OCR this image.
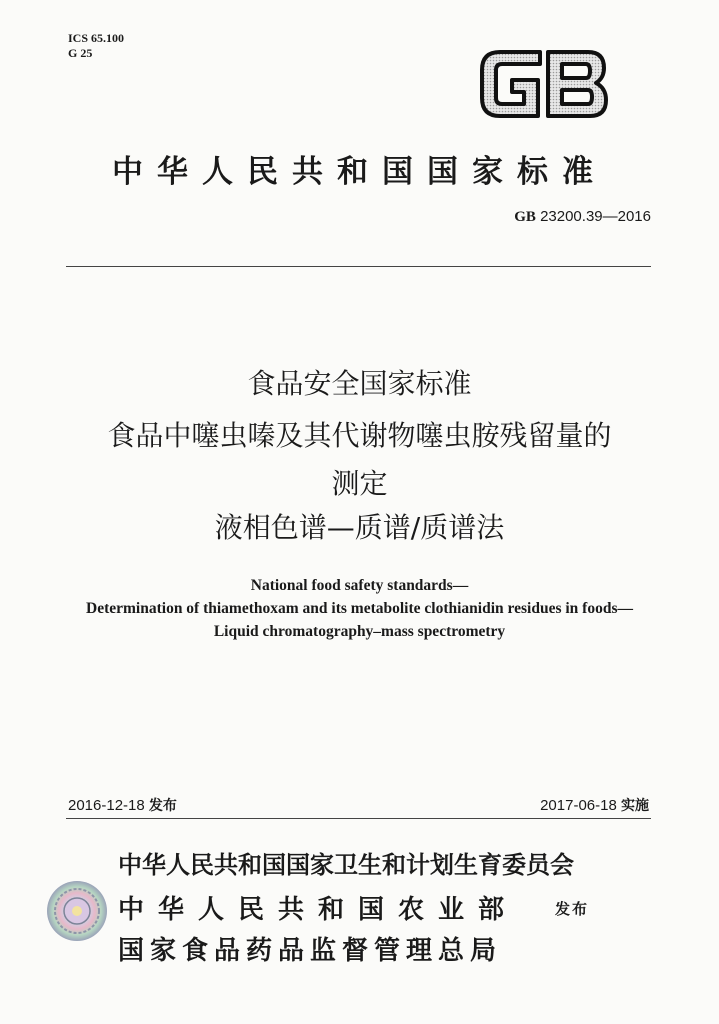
ICS 65.100
G 25
中华人民共和国国家标准
GB 23200.39—2016
食品安全国家标准
食品中噻虫嗪及其代谢物噻虫胺残留量的
测定
液相色谱—质谱/质谱法
National food safety standards—
Determination of thiamethoxam and its metabolite clothianidin residues in foods—
Liquid chromatography–mass spectrometry
2016-12-18 发布	2017-06-18 实施
中华人民共和国国家卫生和计划生育委员会
中华人民共和国农业部
国家食品药品监督管理总局
发布
